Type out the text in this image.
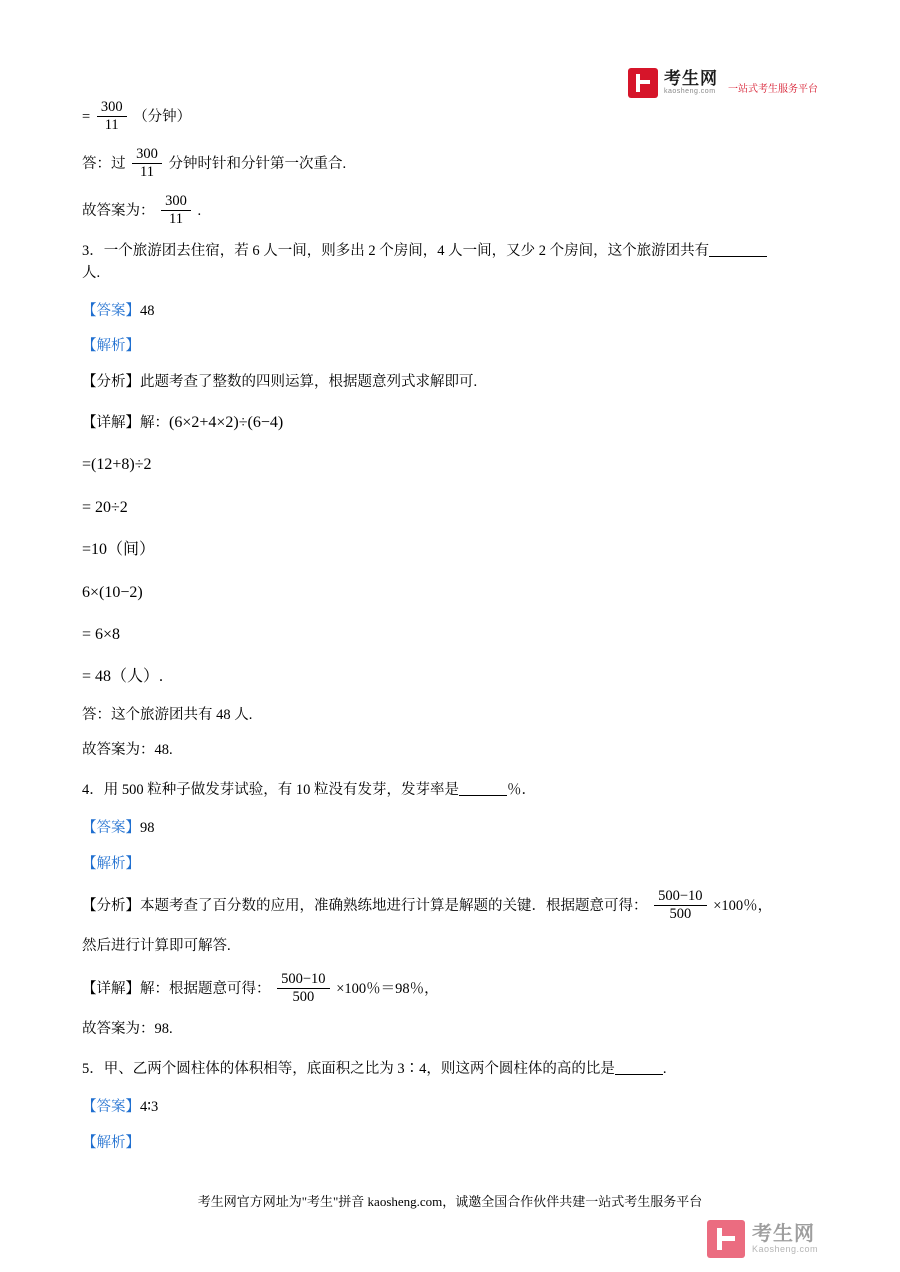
考生网
kaosheng.com 一站式考生服务平台
= $\frac{300}{11}$ （分钟）
答：过 $\frac{300}{11}$ 分钟时针和分针第一次重合.
故答案为： $\frac{300}{11}$ .
3．一个旅游团去住宿，若 6 人一间，则多出 2 个房间，4 人一间，又少 2 个房间，这个旅游团共有
人.
【答案】48
【解析】
【分析】此题考查了整数的四则运算，根据题意列式求解即可.
【详解】解：(6×2+4×2)÷(6−4)
=(12+8)÷2
= 20÷2
=10（间）
6×(10−2)
= 6×8
= 48（人）.
答：这个旅游团共有 48 人.
故答案为：48.
4．用 500 粒种子做发芽试验，有 10 粒没有发芽，发芽率是	％．
【答案】98
【解析】
【分析】本题考查了百分数的应用，准确熟练地进行计算是解题的关键．根据题意可得： $\frac{500-10}{500} \times 100$％，
然后进行计算即可解答.
【详解】解：根据题意可得： $\frac{500-10}{500} \times 100$％＝98％，
故答案为：98.
5．甲、乙两个圆柱体的体积相等，底面积之比为 3∶4，则这两个圆柱体的高的比是	.
【答案】4∶3
【解析】
考生网官方网址为"考生"拼音 kaosheng.com，诚邀全国合作伙伴共建一站式考生服务平台
考生网
Kaosheng.com
